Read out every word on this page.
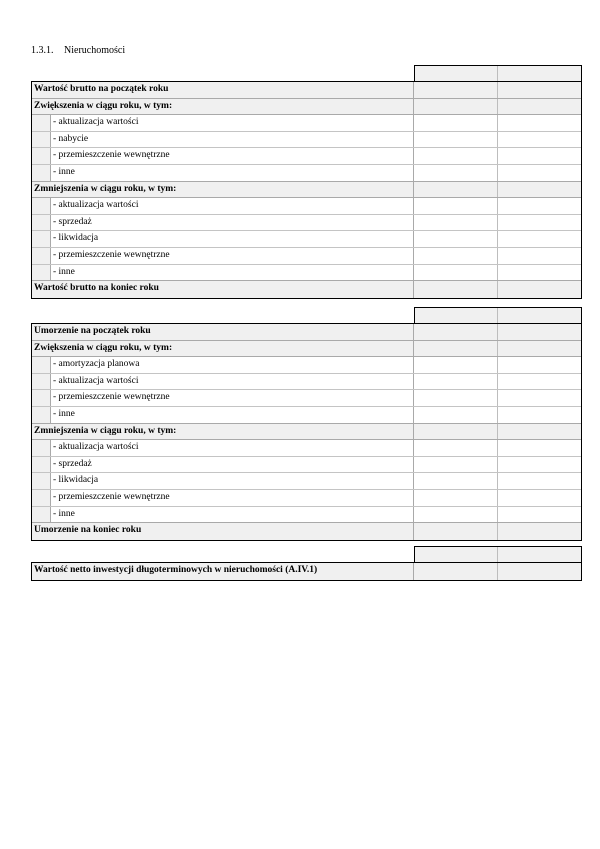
1.3.1. Nieruchomości
Wartość brutto na początek roku
Zwiększenia w ciągu roku, w tym:
- aktualizacja wartości
- nabycie
- przemieszczenie wewnętrzne
- inne
Zmniejszenia w ciągu roku, w tym:
- aktualizacja wartości
- sprzedaż
- likwidacja
- przemieszczenie wewnętrzne
- inne
Wartość brutto na koniec roku
Umorzenie na początek roku
Zwiększenia w ciągu roku, w tym:
- amortyzacja planowa
- aktualizacja wartości
- przemieszczenie wewnętrzne
- inne
Zmniejszenia w ciągu roku, w tym:
- aktualizacja wartości
- sprzedaż
- likwidacja
- przemieszczenie wewnętrzne
- inne
Umorzenie na koniec roku
Wartość netto inwestycji długoterminowych w nieruchomości (A.IV.1)
